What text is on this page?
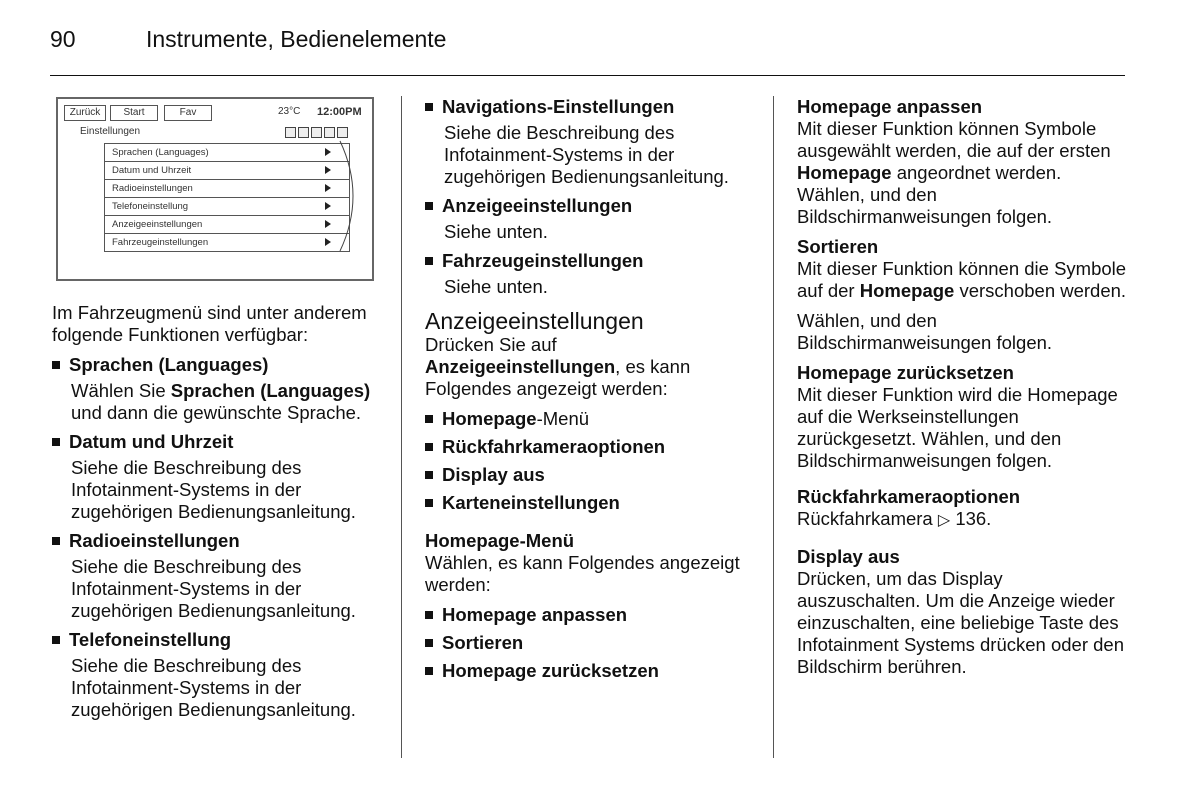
90	Instrumente, Bedienelemente
Zurück	Start	Fav	23°C 12:00PM
Einstellungen
Sprachen (Languages)
Datum und Uhrzeit
Radioeinstellungen
Telefoneinstellung
Anzeigeeinstellungen
Fahrzeugeinstellungen

Im Fahrzeugmenü sind unter anderem folgende Funktionen verfügbar:

Sprachen (Languages)
Wählen Sie Sprachen (Languages) und dann die gewünschte Sprache.
Datum und Uhrzeit
Siehe die Beschreibung des Infotainment-Systems in der zugehörigen Bedienungsanleitung.
Radioeinstellungen
Siehe die Beschreibung des Infotainment-Systems in der zugehörigen Bedienungsanleitung.
Telefoneinstellung
Siehe die Beschreibung des Infotainment-Systems in der zugehörigen Bedienungsanleitung.
Navigations-Einstellungen
Siehe die Beschreibung des Infotainment-Systems in der zugehörigen Bedienungsanleitung.
Anzeigeeinstellungen
Siehe unten.
Fahrzeugeinstellungen
Siehe unten.
Anzeigeeinstellungen

Drücken Sie auf Anzeigeeinstellungen, es kann Folgendes angezeigt werden:

Homepage-Menü
Rückfahrkameraoptionen
Display aus
Karteneinstellungen
Homepage-Menü

Wählen, es kann Folgendes angezeigt werden:

Homepage anpassen
Sortieren
Homepage zurücksetzen
Homepage anpassen

Mit dieser Funktion können Symbole ausgewählt werden, die auf der ersten Homepage angeordnet werden. Wählen, und den Bildschirmanweisungen folgen.

Sortieren

Mit dieser Funktion können die Symbole auf der Homepage verschoben werden.

Wählen, und den Bildschirmanweisungen folgen.

Homepage zurücksetzen

Mit dieser Funktion wird die Homepage auf die Werkseinstellungen zurückgesetzt. Wählen, und den Bildschirmanweisungen folgen.

Rückfahrkameraoptionen

Rückfahrkamera ▷ 136.

Display aus

Drücken, um das Display auszuschalten. Um die Anzeige wieder einzuschalten, eine beliebige Taste des Infotainment Systems drücken oder den Bildschirm berühren.
